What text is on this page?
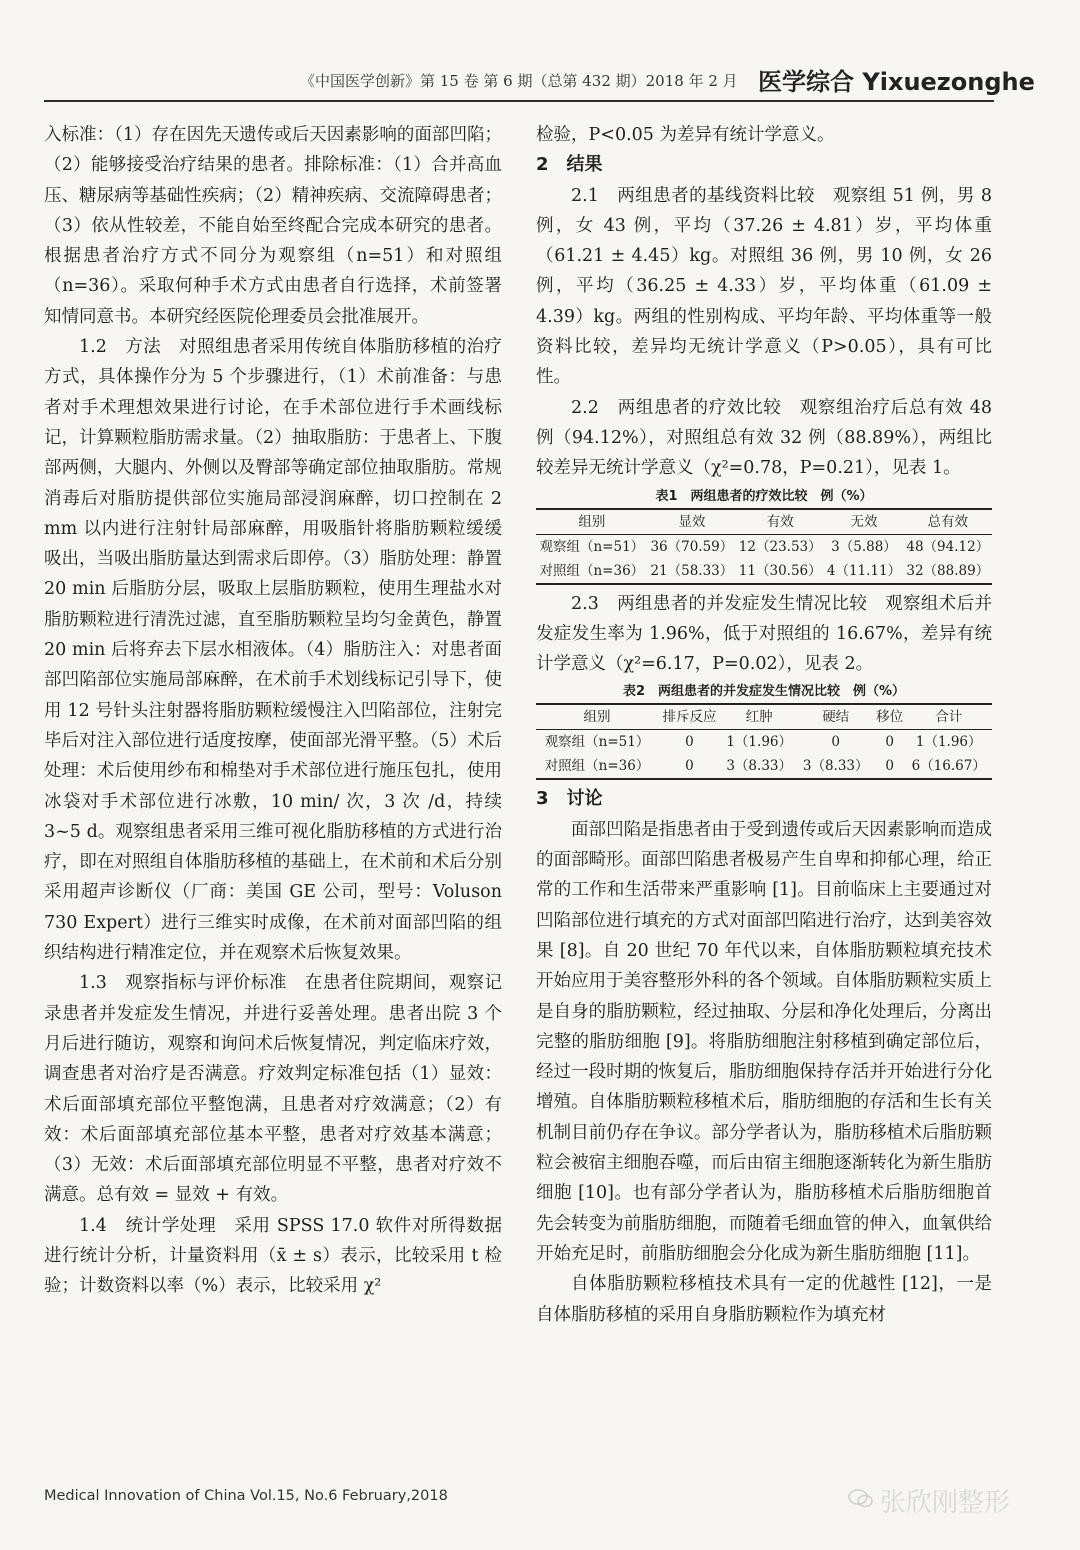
《中国医学创新》第 15 卷 第 6 期（总第 432 期）2018 年 2 月 医学综合 Yixuezonghe

入标准：（1）存在因先天遗传或后天因素影响的面部凹陷；（2）能够接受治疗结果的患者。排除标准：（1）合并高血压、糖尿病等基础性疾病；（2）精神疾病、交流障碍患者；（3）依从性较差，不能自始至终配合完成本研究的患者。根据患者治疗方式不同分为观察组（n=51）和对照组（n=36）。采取何种手术方式由患者自行选择，术前签署知情同意书。本研究经医院伦理委员会批准展开。

1.2　方法　对照组患者采用传统自体脂肪移植的治疗方式，具体操作分为 5 个步骤进行，（1）术前准备：与患者对手术理想效果进行讨论，在手术部位进行手术画线标记，计算颗粒脂肪需求量。（2）抽取脂肪：于患者上、下腹部两侧，大腿内、外侧以及臀部等确定部位抽取脂肪。常规消毒后对脂肪提供部位实施局部浸润麻醉，切口控制在 2 mm 以内进行注射针局部麻醉，用吸脂针将脂肪颗粒缓缓吸出，当吸出脂肪量达到需求后即停。（3）脂肪处理：静置 20 min 后脂肪分层，吸取上层脂肪颗粒，使用生理盐水对脂肪颗粒进行清洗过滤，直至脂肪颗粒呈均匀金黄色，静置 20 min 后将弃去下层水相液体。（4）脂肪注入：对患者面部凹陷部位实施局部麻醉，在术前手术划线标记引导下，使用 12 号针头注射器将脂肪颗粒缓慢注入凹陷部位，注射完毕后对注入部位进行适度按摩，使面部光滑平整。（5）术后处理：术后使用纱布和棉垫对手术部位进行施压包扎，使用冰袋对手术部位进行冰敷，10 min/ 次，3 次 /d，持续 3~5 d。观察组患者采用三维可视化脂肪移植的方式进行治疗，即在对照组自体脂肪移植的基础上，在术前和术后分别采用超声诊断仪（厂商：美国 GE 公司，型号：Voluson 730 Expert）进行三维实时成像，在术前对面部凹陷的组织结构进行精准定位，并在观察术后恢复效果。

1.3　观察指标与评价标准　在患者住院期间，观察记录患者并发症发生情况，并进行妥善处理。患者出院 3 个月后进行随访，观察和询问术后恢复情况，判定临床疗效，调查患者对治疗是否满意。疗效判定标准包括（1）显效：术后面部填充部位平整饱满，且患者对疗效满意；（2）有效：术后面部填充部位基本平整，患者对疗效基本满意；（3）无效：术后面部填充部位明显不平整，患者对疗效不满意。总有效 = 显效 + 有效。

1.4　统计学处理　采用 SPSS 17.0 软件对所得数据进行统计分析，计量资料用（x̄ ± s）表示，比较采用 t 检验；计数资料以率（%）表示，比较采用 χ²

检验，P<0.05 为差异有统计学意义。

2　结果

2.1　两组患者的基线资料比较　观察组 51 例，男 8 例，女 43 例，平均（37.26 ± 4.81）岁，平均体重（61.21 ± 4.45）kg。对照组 36 例，男 10 例，女 26 例，平均（36.25 ± 4.33）岁，平均体重（61.09 ± 4.39）kg。两组的性别构成、平均年龄、平均体重等一般资料比较，差异均无统计学意义（P>0.05），具有可比性。

2.2　两组患者的疗效比较　观察组治疗后总有效 48 例（94.12%），对照组总有效 32 例（88.89%），两组比较差异无统计学意义（χ²=0.78，P=0.21），见表 1。

表1　两组患者的疗效比较　例（%）
组别	显效	有效	无效	总有效
观察组（n=51）	36（70.59）	12（23.53）	3（5.88）	48（94.12）
对照组（n=36）	21（58.33）	11（30.56）	4（11.11）	32（88.89）

2.3　两组患者的并发症发生情况比较　观察组术后并发症发生率为 1.96%，低于对照组的 16.67%，差异有统计学意义（χ²=6.17，P=0.02），见表 2。

表2　两组患者的并发症发生情况比较　例（%）
组别	排斥反应	红肿	硬结	移位	合计
观察组（n=51）	0	1（1.96）	0	0	1（1.96）
对照组（n=36）	0	3（8.33）	3（8.33）	0	6（16.67）

3　讨论

面部凹陷是指患者由于受到遗传或后天因素影响而造成的面部畸形。面部凹陷患者极易产生自卑和抑郁心理，给正常的工作和生活带来严重影响 [1]。目前临床上主要通过对凹陷部位进行填充的方式对面部凹陷进行治疗，达到美容效果 [8]。自 20 世纪 70 年代以来，自体脂肪颗粒填充技术开始应用于美容整形外科的各个领域。自体脂肪颗粒实质上是自身的脂肪颗粒，经过抽取、分层和净化处理后，分离出完整的脂肪细胞 [9]。将脂肪细胞注射移植到确定部位后，经过一段时期的恢复后，脂肪细胞保持存活并开始进行分化增殖。自体脂肪颗粒移植术后，脂肪细胞的存活和生长有关机制目前仍存在争议。部分学者认为，脂肪移植术后脂肪颗粒会被宿主细胞吞噬，而后由宿主细胞逐渐转化为新生脂肪细胞 [10]。也有部分学者认为，脂肪移植术后脂肪细胞首先会转变为前脂肪细胞，而随着毛细血管的伸入，血氧供给开始充足时，前脂肪细胞会分化成为新生脂肪细胞 [11]。

自体脂肪颗粒移植技术具有一定的优越性 [12]，一是自体脂肪移植的采用自身脂肪颗粒作为填充材

Medical Innovation of China Vol.15, No.6 February,2018	张欣刚整形
